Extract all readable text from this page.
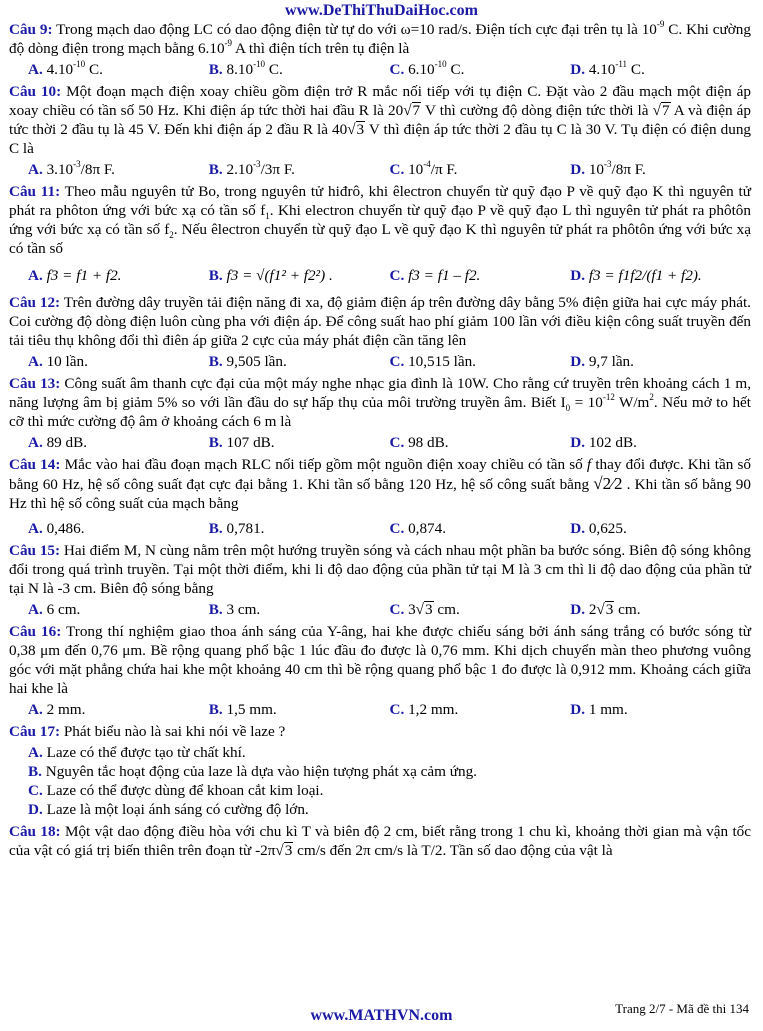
www.DeThiThuDaiHoc.com
Câu 9: Trong mạch dao động LC có dao động điện từ tự do với ω=10 rad/s. Điện tích cực đại trên tụ là $10^{-9}$ C. Khi cường độ dòng điện trong mạch bằng $6.10^{-9}$ A thì điện tích trên tụ điện là
A. $4.10^{-10}$ C.	B. $8.10^{-10}$ C.	C. $6.10^{-10}$ C.	D. $4.10^{-11}$ C.
Câu 10: Một đoạn mạch điện xoay chiều gồm điện trở R mắc nối tiếp với tụ điện C. Đặt vào 2 đầu mạch một điện áp xoay chiều có tần số 50 Hz. Khi điện áp tức thời hai đầu R là 20√7 V thì cường độ dòng điện tức thời là √7 A và điện áp tức thời 2 đầu tụ là 45 V. Đến khi điện áp 2 đầu R là 40√3 V thì điện áp tức thời 2 đầu tụ C là 30 V. Tụ điện có điện dung C là
A. $3.10^{-3}/8\pi$ F.	B. $2.10^{-3}/3\pi$ F.	C. $10^{-4}/\pi$ F.	D. $10^{-3}/8\pi$ F.
Câu 11: Theo mẫu nguyên tử Bo, trong nguyên tử hiđrô, khi êlectron chuyển từ quỹ đạo P về quỹ đạo K thì nguyên tử phát ra phôton ứng với bức xạ có tần số $f_1$. Khi electron chuyển từ quỹ đạo P về quỹ đạo L thì nguyên tử phát ra phôtôn ứng với bức xạ có tần số $f_2$. Nếu êlectron chuyển từ quỹ đạo L về quỹ đạo K thì nguyên tử phát ra phôtôn ứng với bức xạ có tần số
A. f3 = f1 + f2.	B. f3 = √(f1² + f2²) .	C. f3 = f1 – f2.	D. f3 = f1f2/(f1 + f2).
Câu 12: Trên đường dây truyền tải điện năng đi xa, độ giảm điện áp trên đường dây bằng 5% điện giữa hai cực máy phát. Coi cường độ dòng điện luôn cùng pha với điện áp. Để công suất hao phí giảm 100 lần với điều kiện công suất truyền đến tải tiêu thụ không đổi thì điên áp giữa 2 cực của máy phát điện cần tăng lên
A. 10 lần.	B. 9,505 lần.	C. 10,515 lần.	D. 9,7 lần.
Câu 13: Công suất âm thanh cực đại của một máy nghe nhạc gia đình là 10W. Cho rằng cứ truyền trên khoảng cách 1 m, năng lượng âm bị giảm 5% so với lần đầu do sự hấp thụ của môi trường truyền âm. Biết $I_0 = 10^{-12}$ $W/m^2$. Nếu mở to hết cỡ thì mức cường độ âm ở khoảng cách 6 m là
A. 89 dB.	B. 107 dB.	C. 98 dB.	D. 102 dB.
Câu 14: Mắc vào hai đầu đoạn mạch RLC nối tiếp gồm một nguồn điện xoay chiều có tần số f thay đổi được. Khi tần số bằng 60 Hz, hệ số công suất đạt cực đại bằng 1. Khi tần số bằng 120 Hz, hệ số công suất bằng √2⁄2 . Khi tần số bằng 90 Hz thì hệ số công suất của mạch bằng
A. 0,486.	B. 0,781.	C. 0,874.	D. 0,625.
Câu 15: Hai điểm M, N cùng nằm trên một hướng truyền sóng và cách nhau một phần ba bước sóng. Biên độ sóng không đổi trong quá trình truyền. Tại một thời điểm, khi li độ dao động của phần tử tại M là 3 cm thì li độ dao động của phần tử tại N là -3 cm. Biên độ sóng bằng
A. 6 cm.	B. 3 cm.	C. 3√3 cm.	D. 2√3 cm.
Câu 16: Trong thí nghiệm giao thoa ánh sáng của Y-âng, hai khe được chiếu sáng bởi ánh sáng trắng có bước sóng từ 0,38 μm đến 0,76 μm. Bề rộng quang phổ bậc 1 lúc đầu đo được là 0,76 mm. Khi dịch chuyển màn theo phương vuông góc với mặt phẳng chứa hai khe một khoảng 40 cm thì bề rộng quang phổ bậc 1 đo được là 0,912 mm. Khoảng cách giữa hai khe là
A. 2 mm.	B. 1,5 mm.	C. 1,2 mm.	D. 1 mm.
Câu 17: Phát biểu nào là sai khi nói về laze ?
A. Laze có thể được tạo từ chất khí.
B. Nguyên tắc hoạt động của laze là dựa vào hiện tượng phát xạ cảm ứng.
C. Laze có thể được dùng để khoan cắt kim loại.
D. Laze là một loại ánh sáng có cường độ lớn.
Câu 18: Một vật dao động điều hòa với chu kì T và biên độ 2 cm, biết rằng trong 1 chu kì, khoảng thời gian mà vận tốc của vật có giá trị biến thiên trên đoạn từ -2π√3 cm/s đến 2π cm/s là T/2. Tần số dao động của vật là
www.MATHVN.com	Trang 2/7 - Mã đề thi 134
